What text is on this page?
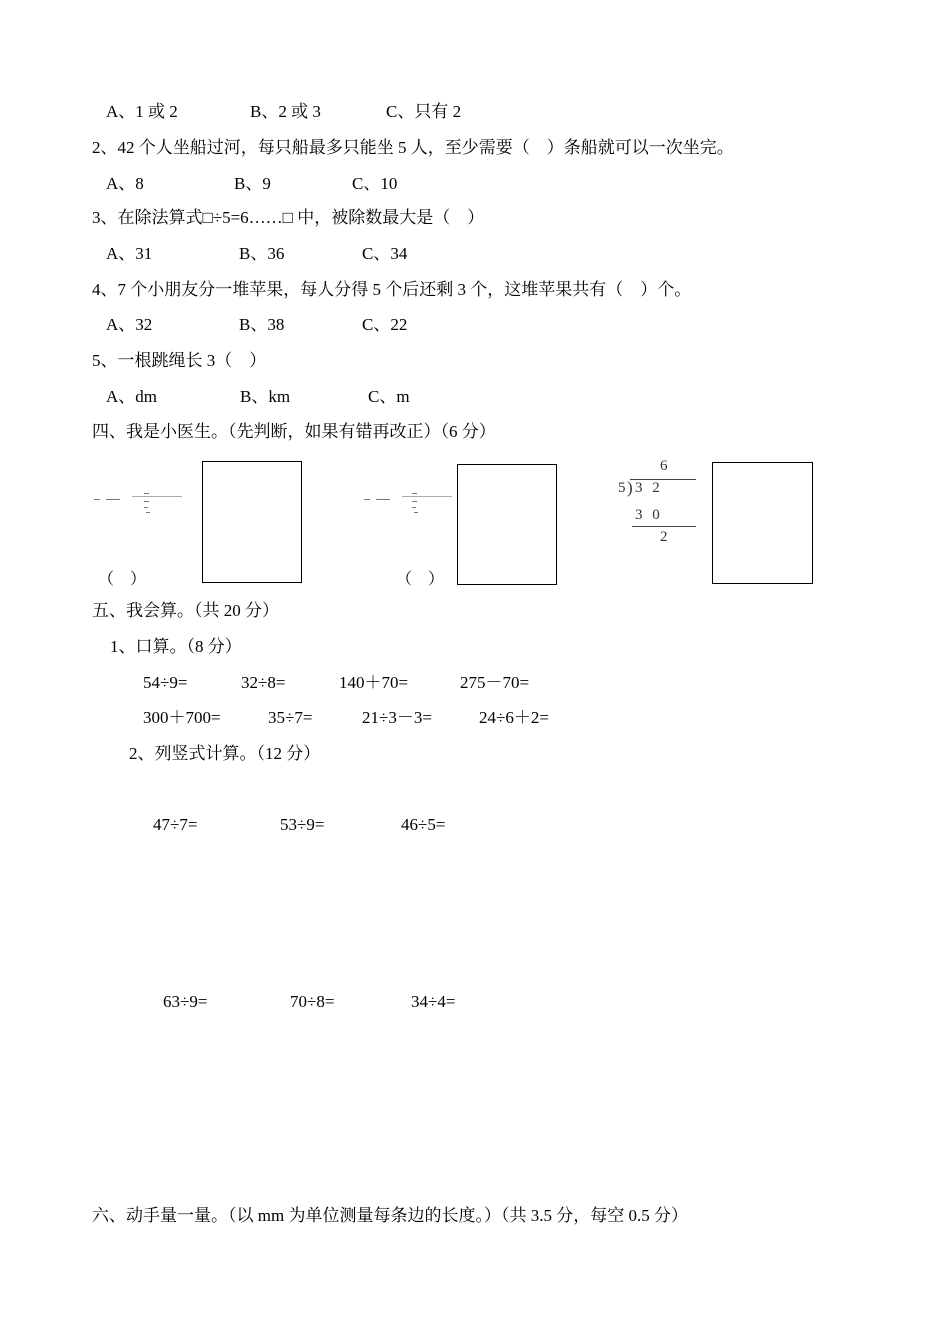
A、1 或 2	B、2 或 3	C、只有 2
2、42 个人坐船过河，每只船最多只能坐 5 人，至少需要（　）条船就可以一次坐完。
A、8	B、9	C、10
3、在除法算式□÷5=6……□ 中，被除数最大是（　）
A、31	B、36	C、34
4、7 个小朋友分一堆苹果，每人分得 5 个后还剩 3 个，这堆苹果共有（　）个。
A、32	B、38	C、22
5、一根跳绳长 3（　）
A、dm	B、km	C、m
四、我是小医生。（先判断，如果有错再改正）（6 分）
（　）	（　）
6
5 ) 3 2
3 0
2
五、我会算。（共 20 分）
1、口算。（8 分）
54÷9=	32÷8=	140＋70=	275－70=
300＋700=	35÷7=	21÷3－3=	24÷6＋2=
2、列竖式计算。（12 分）
47÷7=	53÷9=	46÷5=
63÷9=	70÷8=	34÷4=
六、动手量一量。（以 mm 为单位测量每条边的长度。）（共 3.5 分，每空 0.5 分）
